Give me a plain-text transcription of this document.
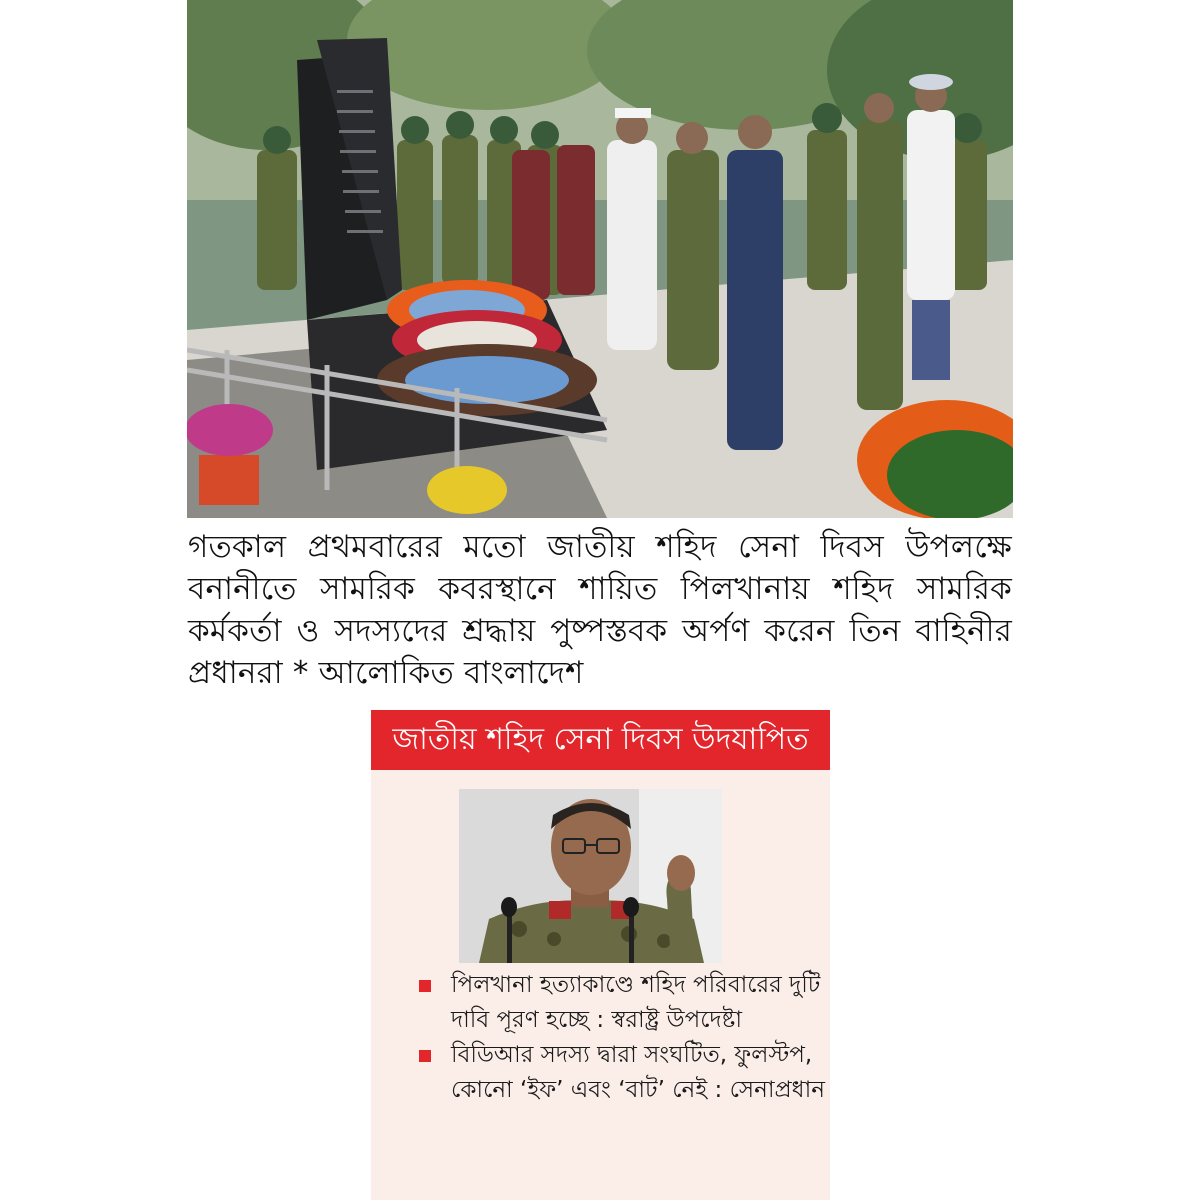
গতকাল প্রথমবারের মতো জাতীয় শহিদ সেনা দিবস উপলক্ষে বনানীতে সামরিক কবরস্থানে শায়িত পিলখানায় শহিদ সামরিক কর্মকর্তা ও সদস্যদের শ্রদ্ধায় পুষ্পস্তবক অর্পণ করেন তিন বাহিনীর প্রধানরা * আলোকিত বাংলাদেশ
জাতীয় শহিদ সেনা দিবস উদযাপিত
পিলখানা হত্যাকাণ্ডে শহিদ পরিবারের দুটি দাবি পূরণ হচ্ছে : স্বরাষ্ট্র উপদেষ্টা
বিডিআর সদস্য দ্বারা সংঘটিত, ফুলস্টপ, কোনো ‘ইফ’ এবং ‘বাট’ নেই : সেনাপ্রধান
